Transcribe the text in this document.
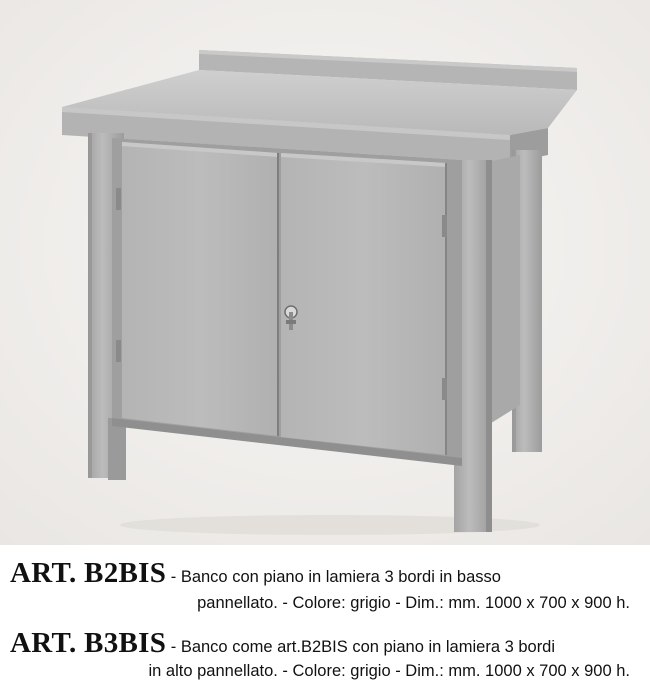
ART. B2BIS - Banco con piano in lamiera 3 bordi in basso
pannellato. - Colore: grigio - Dim.: mm. 1000 x 700 x 900 h.
ART. B3BIS - Banco come art.B2BIS con piano in lamiera 3 bordi
in alto pannellato. - Colore: grigio - Dim.: mm. 1000 x 700 x 900 h.
